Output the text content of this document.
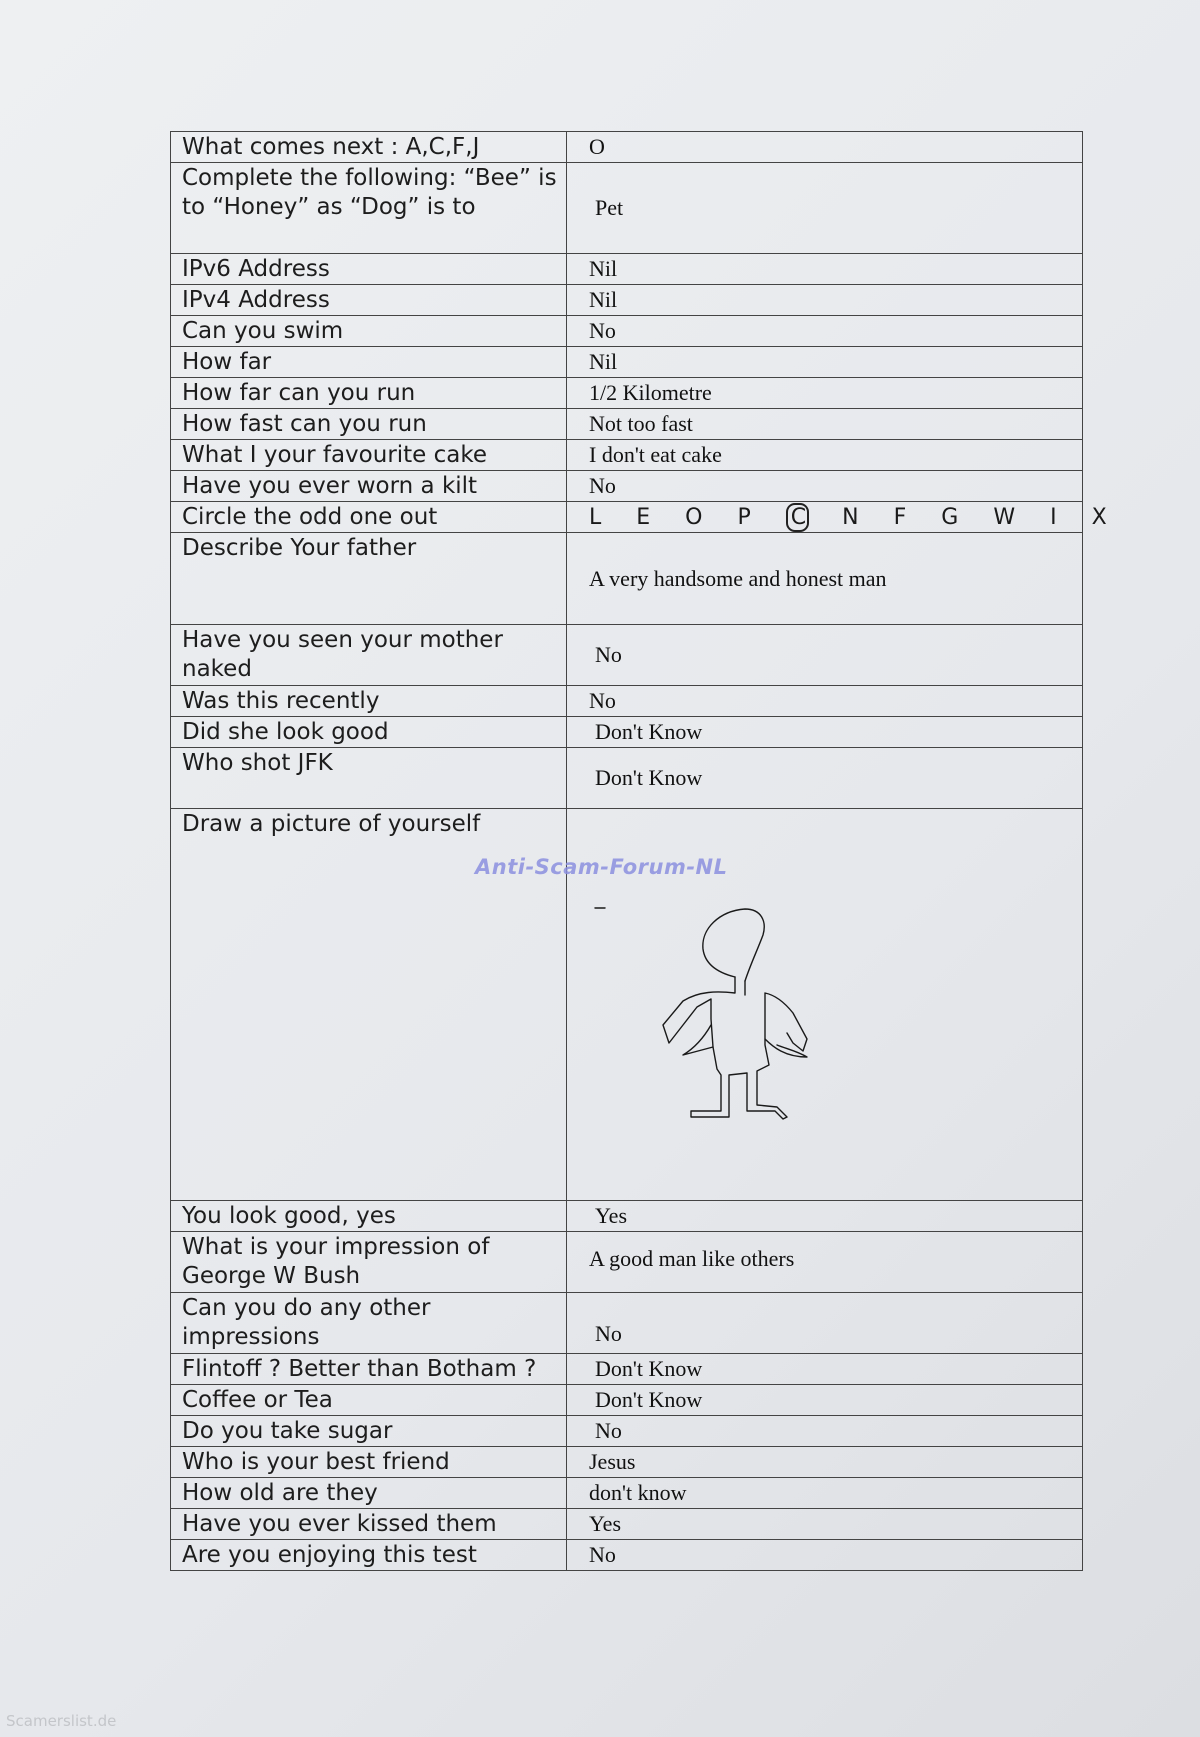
What comes next : A,C,F,J	O
Complete the following: “Bee” is to “Honey” as “Dog” is to	Pet
IPv6 Address	Nil
IPv4 Address	Nil
Can you swim	No
How far	Nil
How far can you run	1/2 Kilometre
How fast can you run	Not too fast
What I your favourite cake	I don't eat cake
Have you ever worn a kilt	No
Circle the odd one out	L E O P C N F G W I X
Describe Your father	A very handsome and honest man
Have you seen your mother naked	No
Was this recently	No
Did she look good	Don't Know
Who shot JFK	Don't Know
Draw a picture of yourself	

You look good, yes	Yes
What is your impression of George W Bush	A good man like others
Can you do any other impressions	No
Flintoff ? Better than Botham ?	Don't Know
Coffee or Tea	Don't Know
Do you take sugar	No
Who is your best friend	Jesus
How old are they	don't know
Have you ever kissed them	Yes
Are you enjoying this test	No
Anti-Scam-Forum-NL
Scamerslist.de
